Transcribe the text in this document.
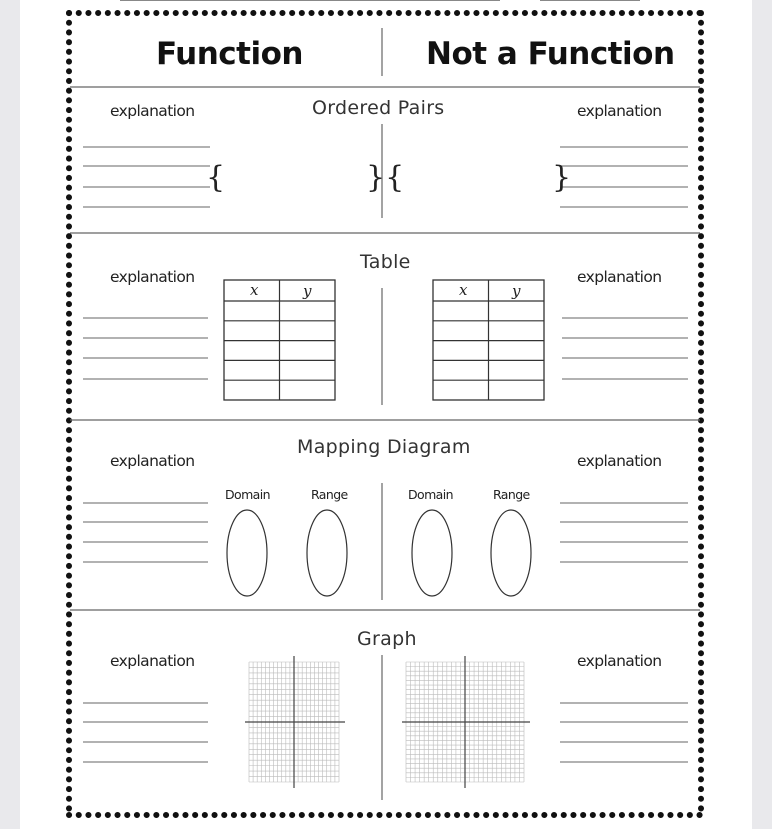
Function	Not a Function
Ordered Pairs
explanation	explanation
{	}{	}
Table
explanation	explanation
x	y	x	y
Mapping Diagram
explanation	explanation
Domain	Range	Domain	Range
Graph
explanation	explanation
